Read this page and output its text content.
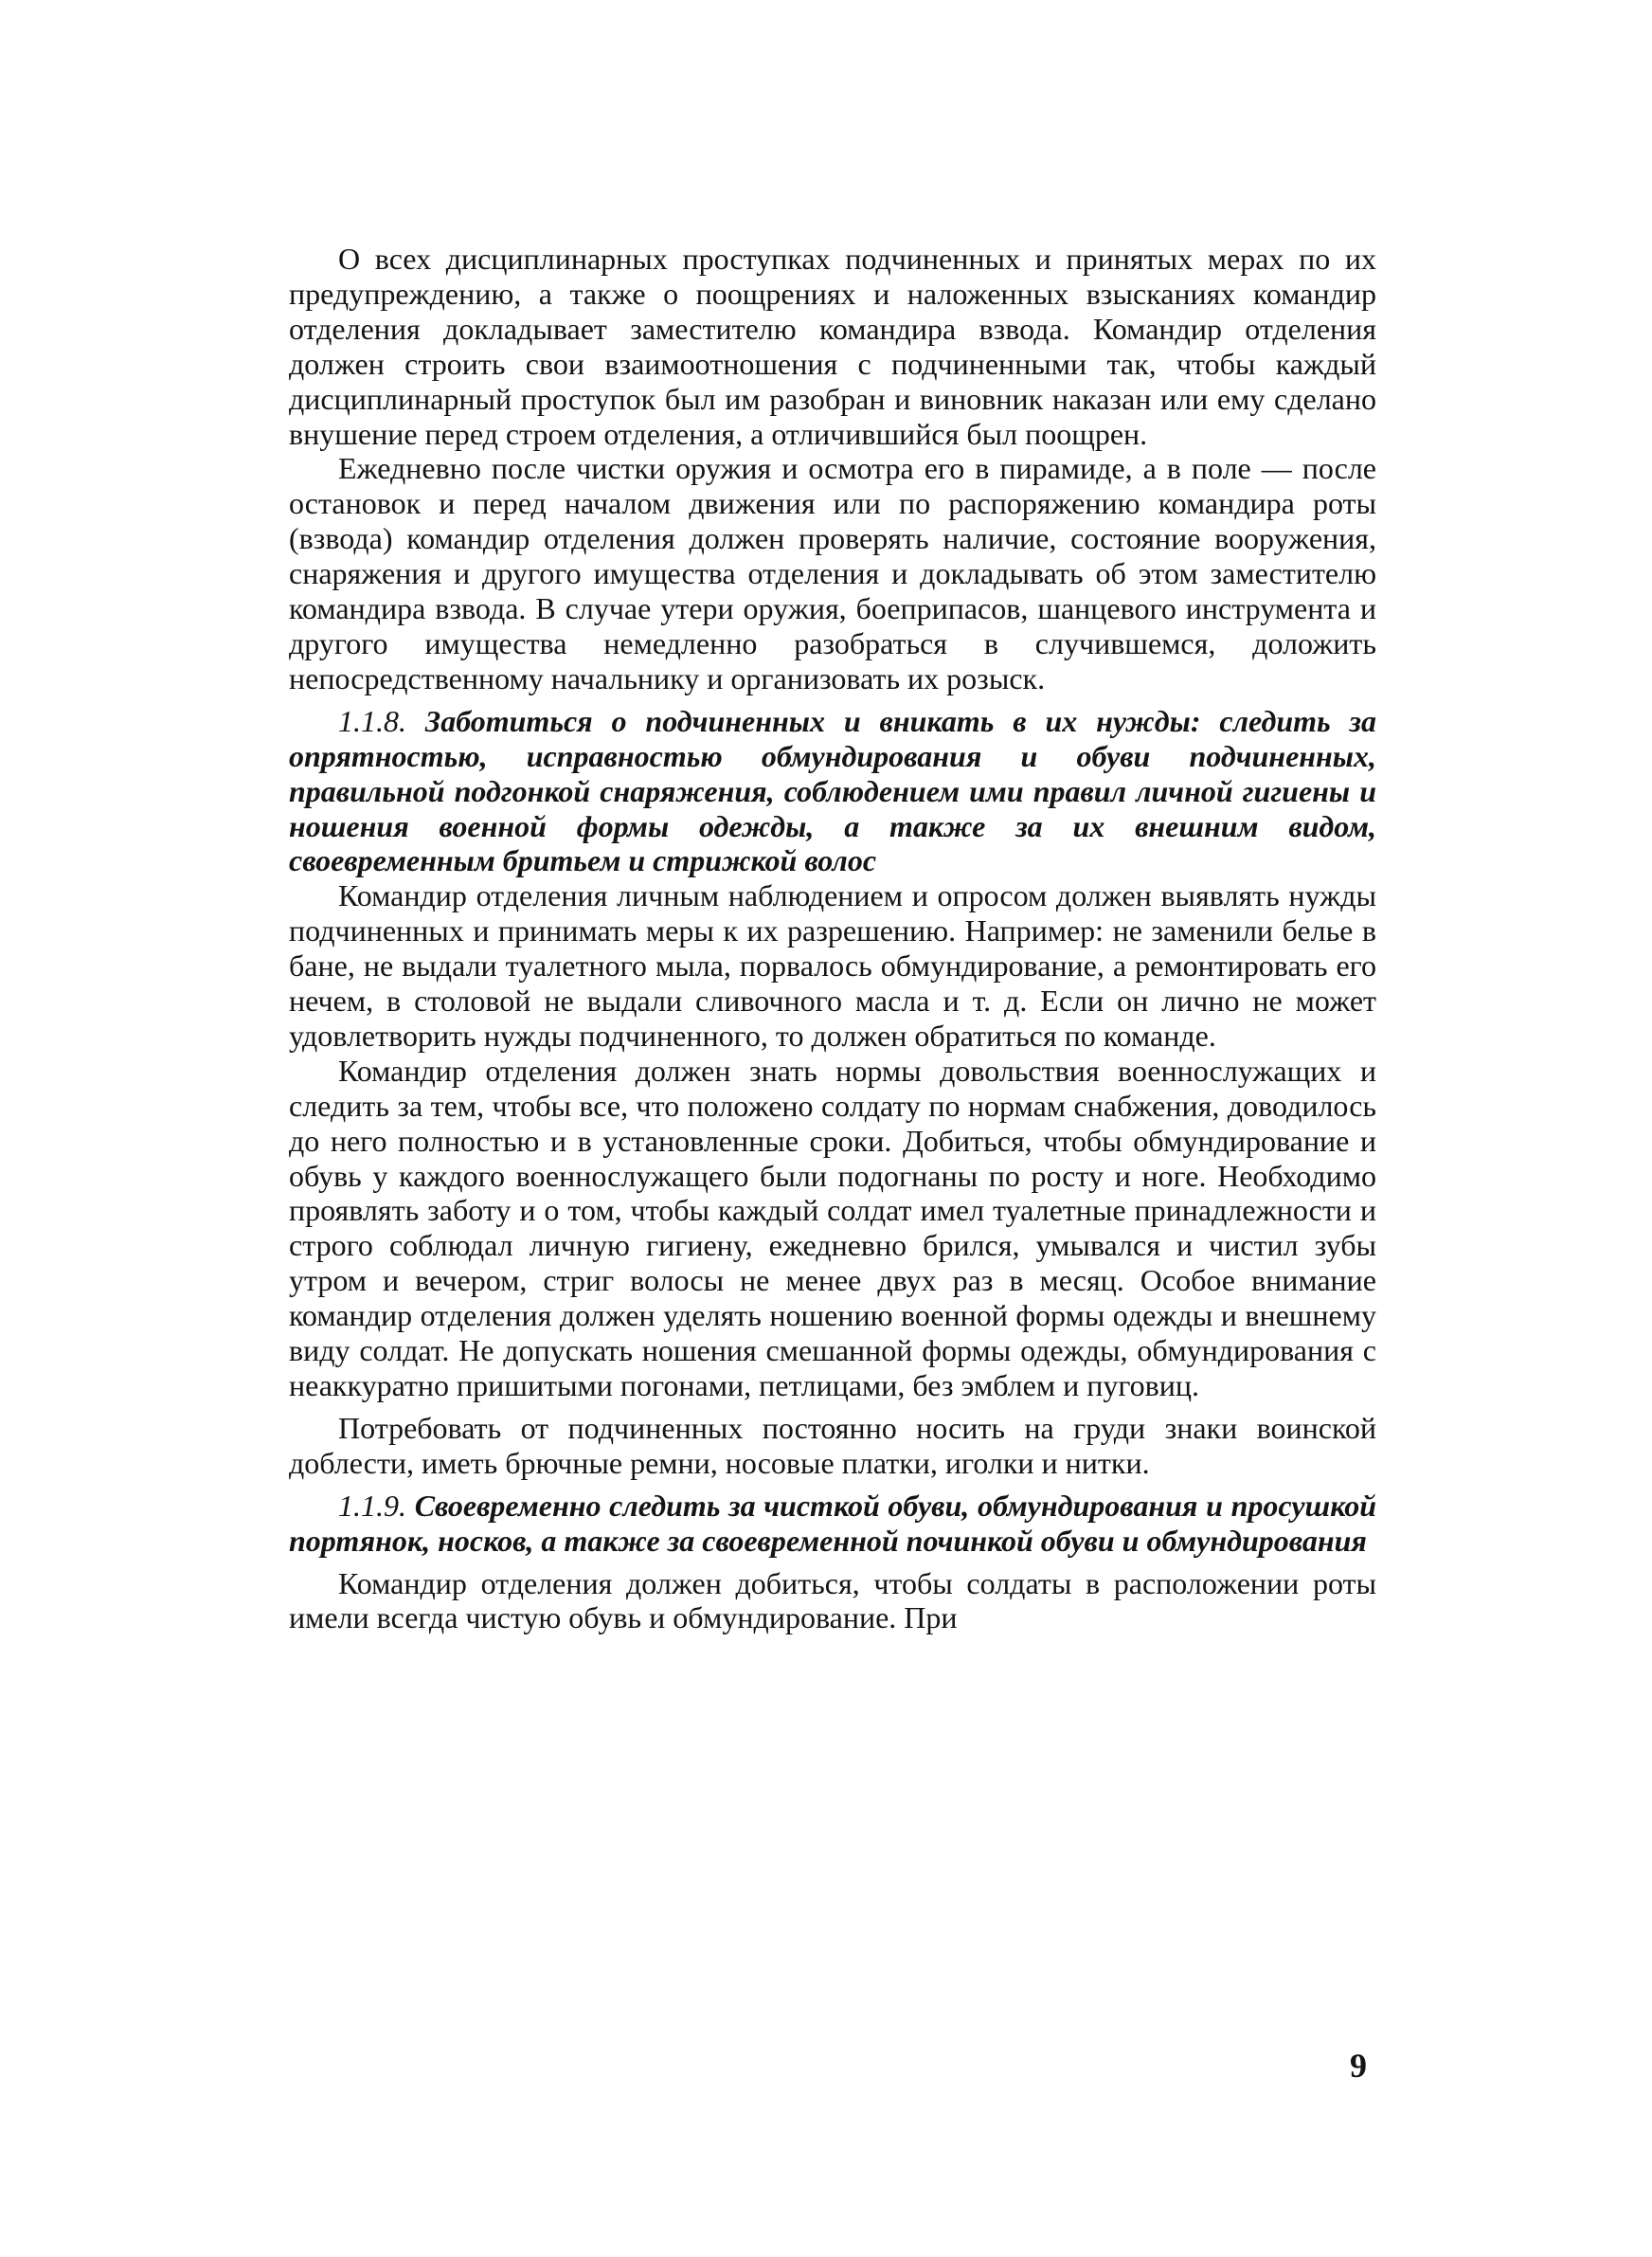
О всех дисциплинарных проступках подчиненных и принятых мерах по их предупреждению, а также о поощрениях и наложенных взысканиях командир отделения докладывает заместителю командира взвода. Командир отделения должен строить свои взаимоотношения с подчиненными так, чтобы каждый дисциплинарный проступок был им разобран и виновник наказан или ему сделано внушение перед строем отделения, а отличившийся был поощрен.

Ежедневно после чистки оружия и осмотра его в пирамиде, а в поле — после остановок и перед началом движения или по распоряжению командира роты (взвода) командир отделения должен проверять наличие, состояние вооружения, снаряжения и другого имущества отделения и докладывать об этом заместителю командира взвода. В случае утери оружия, боеприпасов, шанцевого инструмента и другого имущества немедленно разобраться в случившемся, доложить непосредственному начальнику и организовать их розыск.

1.1.8. Заботиться о подчиненных и вникать в их нужды: следить за опрятностью, исправностью обмундирования и обуви подчиненных, правильной подгонкой снаряжения, соблюдением ими правил личной гигиены и ношения военной формы одежды, а также за их внешним видом, своевременным бритьем и стрижкой волос

Командир отделения личным наблюдением и опросом должен выявлять нужды подчиненных и принимать меры к их разрешению. Например: не заменили белье в бане, не выдали туалетного мыла, порвалось обмундирование, а ремонтировать его нечем, в столовой не выдали сливочного масла и т. д. Если он лично не может удовлетворить нужды подчиненного, то должен обратиться по команде.

Командир отделения должен знать нормы довольствия военнослужащих и следить за тем, чтобы все, что положено солдату по нормам снабжения, доводилось до него полностью и в установленные сроки. Добиться, чтобы обмундирование и обувь у каждого военнослужащего были подогнаны по росту и ноге. Необходимо проявлять заботу и о том, чтобы каждый солдат имел туалетные принадлежности и строго соблюдал личную гигиену, ежедневно брился, умывался и чистил зубы утром и вечером, стриг волосы не менее двух раз в месяц. Особое внимание командир отделения должен уделять ношению военной формы одежды и внешнему виду солдат. Не допускать ношения смешанной формы одежды, обмундирования с неаккуратно пришитыми погонами, петлицами, без эмблем и пуговиц.

Потребовать от подчиненных постоянно носить на груди знаки воинской доблести, иметь брючные ремни, носовые платки, иголки и нитки.

1.1.9. Своевременно следить за чисткой обуви, обмундирования и просушкой портянок, носков, а также за своевременной починкой обуви и обмундирования

Командир отделения должен добиться, чтобы солдаты в расположении роты имели всегда чистую обувь и обмундирование. При

9
